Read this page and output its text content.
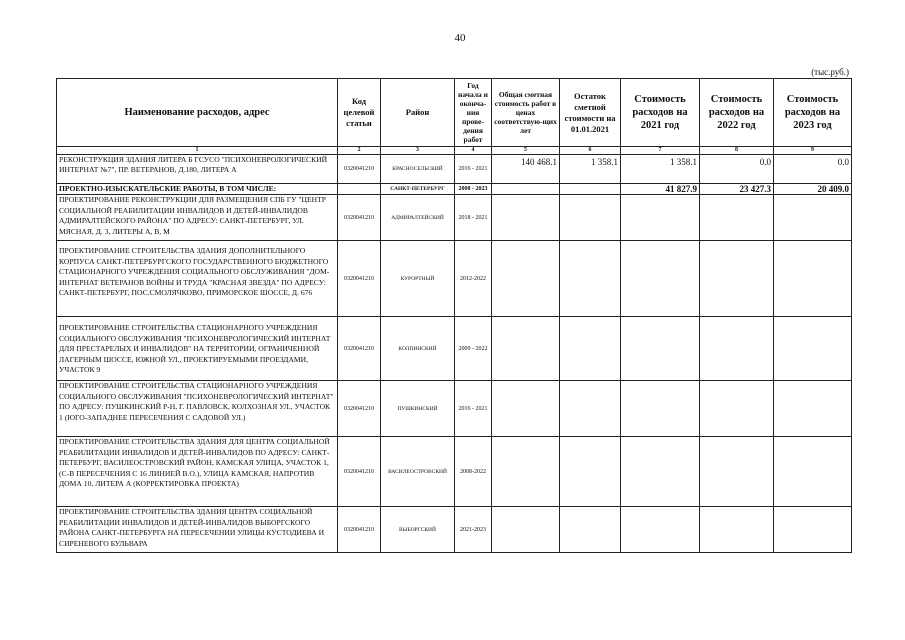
40
(тыс.руб.)
Наименование расходов, адрес	Код целевой статьи	Район	Год начала и оконча-ния прове-дения работ	Общая сметная стоимость работ в ценах соответствую-щих лет	Остаток сметной стоимости на 01.01.2021	Стоимость расходов на 2021 год	Стоимость расходов на 2022 год	Стоимость расходов на 2023 год
1	2	3	4	5	6	7	8	9
РЕКОНСТРУКЦИЯ ЗДАНИЯ ЛИТЕРА Б ГСУСО "ПСИХОНЕВРОЛОГИЧЕСКИЙ ИНТЕРНАТ №7", ПР. ВЕТЕРАНОВ, Д.180, ЛИТЕРА А	0320041210	КРАСНОСЕЛЬСКИЙ	2016 - 2021	140 468.1	1 358.1	1 358.1	0.0	0.0
ПРОЕКТНО-ИЗЫСКАТЕЛЬСКИЕ РАБОТЫ, В ТОМ ЧИСЛЕ:		САНКТ-ПЕТЕРБУРГ	2008 - 2023			41 827.9	23 427.3	20 409.0
ПРОЕКТИРОВАНИЕ РЕКОНСТРУКЦИИ ДЛЯ РАЗМЕЩЕНИЯ СПБ ГУ "ЦЕНТР СОЦИАЛЬНОЙ РЕАБИЛИТАЦИИ ИНВАЛИДОВ И ДЕТЕЙ-ИНВАЛИДОВ АДМИРАЛТЕЙСКОГО РАЙОНА" ПО АДРЕСУ: САНКТ-ПЕТЕРБУРГ, УЛ. МЯСНАЯ, Д. 3, ЛИТЕРЫ А, В, М	0320041210	АДМИРАЛТЕЙСКИЙ	2018 - 2021					
ПРОЕКТИРОВАНИЕ СТРОИТЕЛЬСТВА ЗДАНИЯ ДОПОЛНИТЕЛЬНОГО КОРПУСА САНКТ-ПЕТЕРБУРГСКОГО ГОСУДАРСТВЕННОГО БЮДЖЕТНОГО СТАЦИОНАРНОГО УЧРЕЖДЕНИЯ СОЦИАЛЬНОГО ОБСЛУЖИВАНИЯ "ДОМ-ИНТЕРНАТ ВЕТЕРАНОВ ВОЙНЫ И ТРУДА "КРАСНАЯ ЗВЕЗДА" ПО АДРЕСУ: САНКТ-ПЕТЕРБУРГ, ПОС.СМОЛЯЧКОВО, ПРИМОРСКОЕ ШОССЕ, Д. 676	0320041210	КУРОРТНЫЙ	2012-2022					
ПРОЕКТИРОВАНИЕ СТРОИТЕЛЬСТВА СТАЦИОНАРНОГО УЧРЕЖДЕНИЯ СОЦИАЛЬНОГО ОБСЛУЖИВАНИЯ "ПСИХОНЕВРОЛОГИЧЕСКИЙ ИНТЕРНАТ ДЛЯ ПРЕСТАРЕЛЫХ И ИНВАЛИДОВ" НА ТЕРРИТОРИИ, ОГРАНИЧЕННОЙ ЛАГЕРНЫМ ШОССЕ, ЮЖНОЙ УЛ., ПРОЕКТИРУЕМЫМИ ПРОЕЗДАМИ, УЧАСТОК 9	0320041210	КОЛПИНСКИЙ	2009 - 2022					
ПРОЕКТИРОВАНИЕ СТРОИТЕЛЬСТВА СТАЦИОНАРНОГО УЧРЕЖДЕНИЯ СОЦИАЛЬНОГО ОБСЛУЖИВАНИЯ "ПСИХОНЕВРОЛОГИЧЕСКИЙ ИНТЕРНАТ" ПО АДРЕСУ: ПУШКИНСКИЙ Р-Н, Г. ПАВЛОВСК, КОЛХОЗНАЯ УЛ., УЧАСТОК 1 (ЮГО-ЗАПАДНЕЕ ПЕРЕСЕЧЕНИЯ С САДОВОЙ УЛ.)	0320041210	ПУШКИНСКИЙ	2016 - 2021					
ПРОЕКТИРОВАНИЕ СТРОИТЕЛЬСТВА ЗДАНИЯ ДЛЯ ЦЕНТРА СОЦИАЛЬНОЙ РЕАБИЛИТАЦИИ ИНВАЛИДОВ И ДЕТЕЙ-ИНВАЛИДОВ ПО АДРЕСУ: САНКТ-ПЕТЕРБУРГ, ВАСИЛЕОСТРОВСКИЙ РАЙОН, КАМСКАЯ УЛИЦА, УЧАСТОК 1, (С-В ПЕРЕСЕЧЕНИЯ С 16 ЛИНИЕЙ В.О.), УЛИЦА КАМСКАЯ, НАПРОТИВ ДОМА 10, ЛИТЕРА А (КОРРЕКТИРОВКА ПРОЕКТА)	0320041210	ВАСИЛЕОСТРОВСКИЙ	2008-2022					
ПРОЕКТИРОВАНИЕ СТРОИТЕЛЬСТВА ЗДАНИЯ ЦЕНТРА СОЦИАЛЬНОЙ РЕАБИЛИТАЦИИ ИНВАЛИДОВ И ДЕТЕЙ-ИНВАЛИДОВ ВЫБОРГСКОГО РАЙОНА САНКТ-ПЕТЕРБУРГА НА ПЕРЕСЕЧЕНИИ УЛИЦЫ КУСТОДИЕВА И СИРЕНЕВОГО БУЛЬВАРА	0320041210	ВЫБОРГСКИЙ	2021-2023					
